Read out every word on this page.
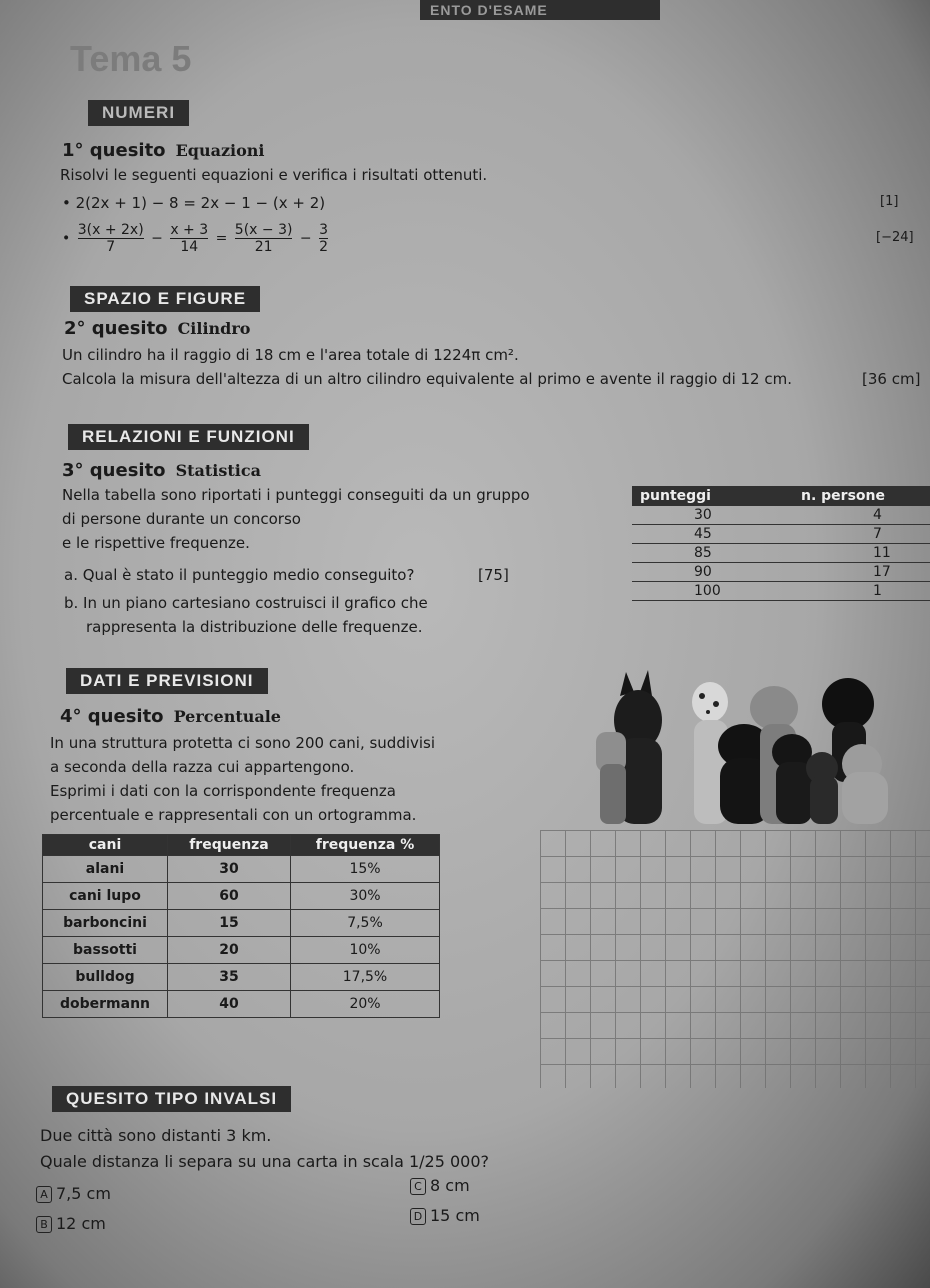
ENTO D'ESAME
Tema 5
NUMERI
1° quesito Equazioni
Risolvi le seguenti equazioni e verifica i risultati ottenuti.
• 2(2x + 1) − 8 = 2x − 1 − (x + 2)	[1]
• $\frac{3(x + 2x)}{7} - \frac{x + 3}{14} = \frac{5(x - 3)}{21} - \frac{3}{2}$	[−24]
SPAZIO E FIGURE
2° quesito Cilindro
Un cilindro ha il raggio di 18 cm e l'area totale di 1224π cm².
Calcola la misura dell'altezza di un altro cilindro equivalente al primo e avente il raggio di 12 cm.	[36 cm]
RELAZIONI E FUNZIONI
3° quesito Statistica
Nella tabella sono riportati i punteggi conseguiti da un gruppo
di persone durante un concorso
e le rispettive frequenze.
a. Qual è stato il punteggio medio conseguito?	[75]
b. In un piano cartesiano costruisci il grafico che
rappresenta la distribuzione delle frequenze.
punteggi	n. persone
30	4
45	7
85	11
90	17
100	1
DATI E PREVISIONI
4° quesito Percentuale
In una struttura protetta ci sono 200 cani, suddivisi
a seconda della razza cui appartengono.
Esprimi i dati con la corrispondente frequenza
percentuale e rappresentali con un ortogramma.
cani	frequenza	frequenza %
alani	30	15%
cani lupo	60	30%
barboncini	15	7,5%
bassotti	20	10%
bulldog	35	17,5%
dobermann	40	20%
QUESITO TIPO INVALSI
Due città sono distanti 3 km.
Quale distanza li separa su una carta in scala 1/25 000?
A 7,5 cm
B 12 cm
C 8 cm
D 15 cm
